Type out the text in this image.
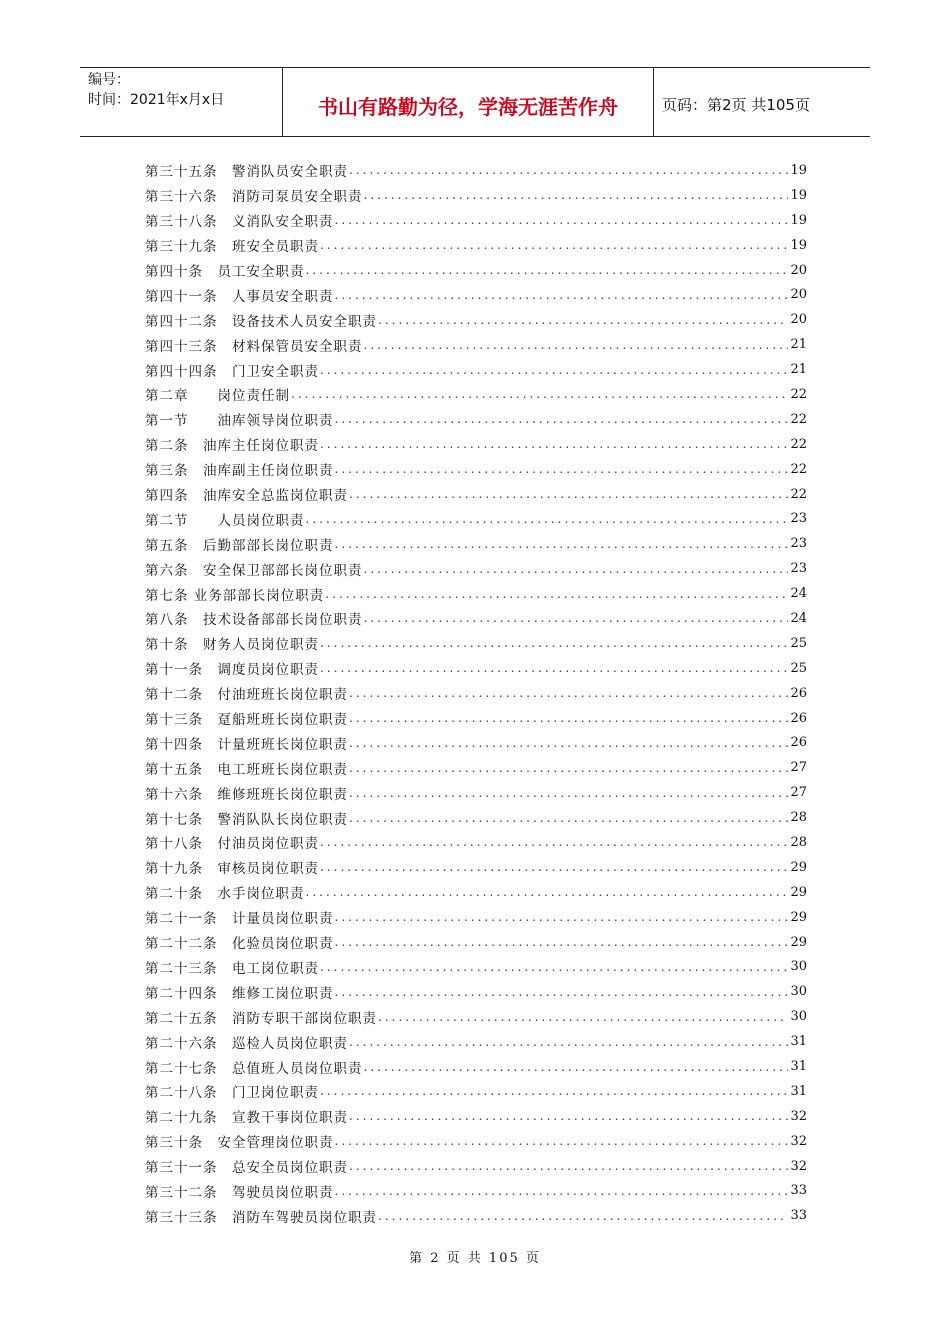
编号：
时间：2021年x月x日	书山有路勤为径，学海无涯苦作舟	页码：第2页 共105页
第三十五条　警消队员安全职责 .....	19
第三十六条　消防司泵员安全职责 .....	19
第三十八条　义消队安全职责 .....	19
第三十九条　班安全员职责 .....	19
第四十条　员工安全职责 .....	20
第四十一条　人事员安全职责 .....	20
第四十二条　设备技术人员安全职责 .....	20
第四十三条　材料保管员安全职责 .....	21
第四十四条　门卫安全职责 .....	21
第二章　　岗位责任制 .....	22
第一节　　油库领导岗位职责 .....	22
第二条　油库主任岗位职责 .....	22
第三条　油库副主任岗位职责 .....	22
第四条　油库安全总监岗位职责 .....	22
第二节　　人员岗位职责 .....	23
第五条　后勤部部长岗位职责 .....	23
第六条　安全保卫部部长岗位职责 .....	23
第七条 业务部部长岗位职责 .....	24
第八条　技术设备部部长岗位职责 .....	24
第十条　财务人员岗位职责 .....	25
第十一条　调度员岗位职责 .....	25
第十二条　付油班班长岗位职责 .....	26
第十三条　趸船班班长岗位职责 .....	26
第十四条　计量班班长岗位职责 .....	26
第十五条　电工班班长岗位职责 .....	27
第十六条　维修班班长岗位职责 .....	27
第十七条　警消队队长岗位职责 .....	28
第十八条　付油员岗位职责 .....	28
第十九条　审核员岗位职责 .....	29
第二十条　水手岗位职责 .....	29
第二十一条　计量员岗位职责 .....	29
第二十二条　化验员岗位职责 .....	29
第二十三条　电工岗位职责 .....	30
第二十四条　维修工岗位职责 .....	30
第二十五条　消防专职干部岗位职责 .....	30
第二十六条　巡检人员岗位职责 .....	31
第二十七条　总值班人员岗位职责 .....	31
第二十八条　门卫岗位职责 .....	31
第二十九条　宣教干事岗位职责 .....	32
第三十条　安全管理岗位职责 .....	32
第三十一条　总安全员岗位职责 .....	32
第三十二条　驾驶员岗位职责 .....	33
第三十三条　消防车驾驶员岗位职责 .....	33
第 2 页 共 105 页
